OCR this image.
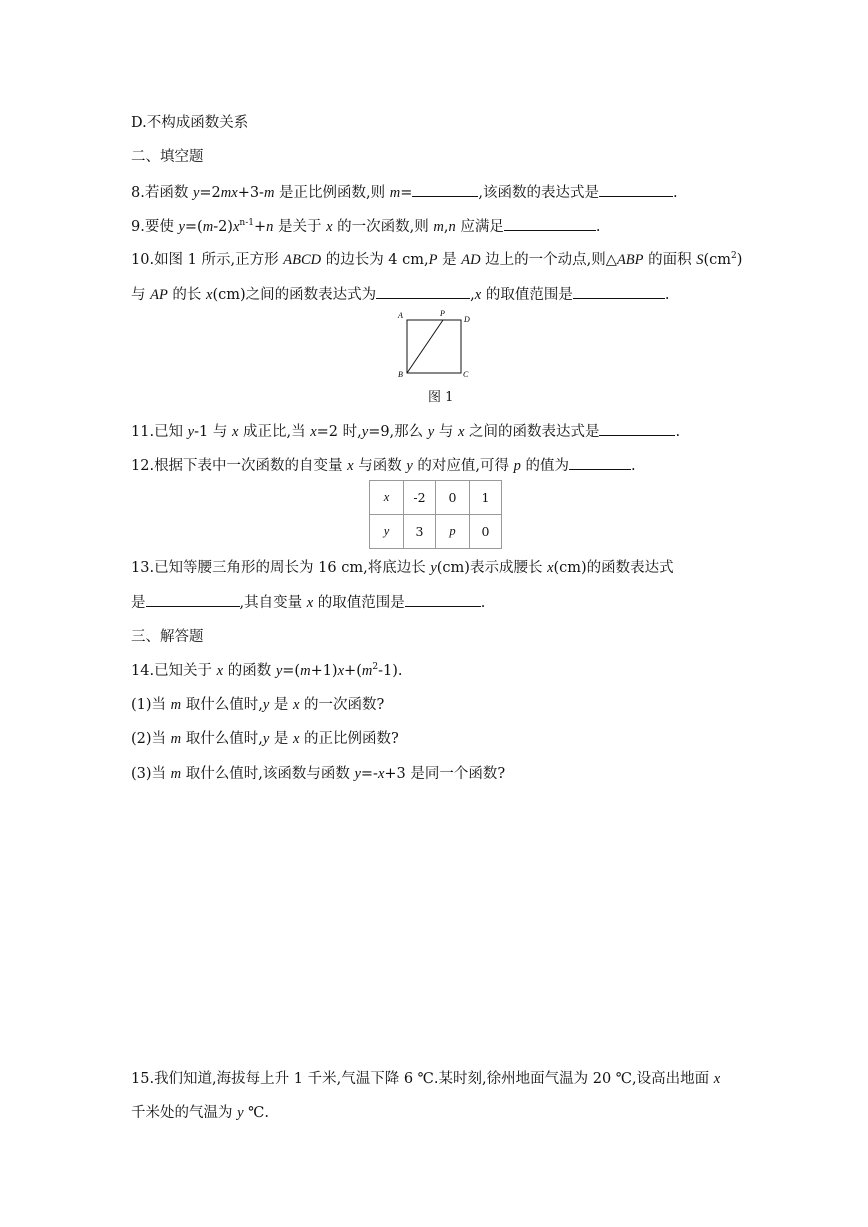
D.不构成函数关系
二、填空题
8.若函数 y=2mx+3-m 是正比例函数,则 m=	,该函数的表达式是	.
9.要使 $y=(m-2)x^{n-1}+n$ 是关于 x 的一次函数,则 m,n 应满足	.
10.如图 1 所示,正方形 ABCD 的边长为 4 cm,P 是 AD 边上的一个动点,则△ABP 的面积 $S(cm^2)$
与 AP 的长 x(cm)之间的函数表达式为	,x 的取值范围是	.
A	P
D
B	C
图 1
11.已知 y-1 与 x 成正比,当 x=2 时,y=9,那么 y 与 x 之间的函数表达式是	.
12.根据下表中一次函数的自变量 x 与函数 y 的对应值,可得 p 的值为	.
x	-2	0	1
y	3	p	0
13.已知等腰三角形的周长为 16 cm,将底边长 y(cm)表示成腰长 x(cm)的函数表达式
是	,其自变量 x 的取值范围是	.
三、解答题
14.已知关于 x 的函数 $y=(m+1)x+(m^2-1)$.
(1)当 m 取什么值时,y 是 x 的一次函数?
(2)当 m 取什么值时,y 是 x 的正比例函数?
(3)当 m 取什么值时,该函数与函数 y=-x+3 是同一个函数?
15.我们知道,海拔每上升 1 千米,气温下降 6 ℃.某时刻,徐州地面气温为 20 ℃,设高出地面 x
千米处的气温为 y ℃.
